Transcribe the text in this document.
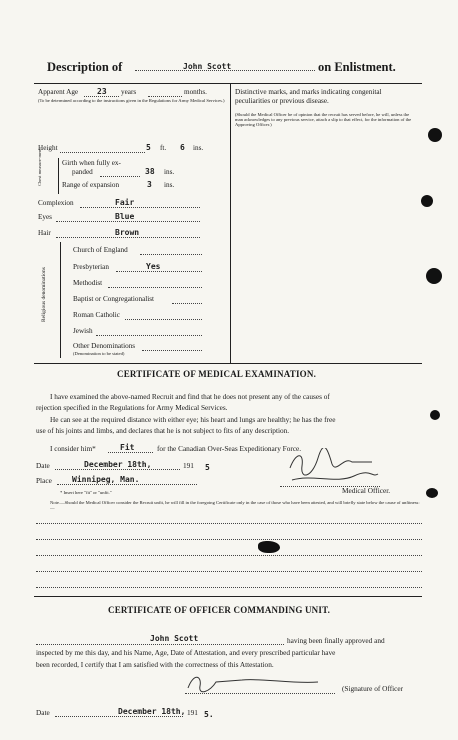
Description of	John Scott	on Enlistment.
Apparent Age 23 years	months.
(To be determined according to the instructions given in the Regulations for Army Medical Services.)
Height	5 ft. 6 ins.
Chest measure-ment	Girth when fully ex-
panded	38 ins.
Range of expansion	3 ins.
Complexion	Fair
Eyes	Blue
Hair	Brown
Religious denominations
Church of England
Presbyterian	Yes
Methodist
Baptist or Congregationalist
Roman Catholic
Jewish
Other Denominations
(Denomination to be stated)
Distinctive marks, and marks indicating congenital peculiarities or previous disease.
(Should the Medical Officer be of opinion that the recruit has served before, he will, unless the man acknowledges to any previous service, attach a slip to that effect, for the information of the Approving Officer.)
CERTIFICATE OF MEDICAL EXAMINATION.
I have examined the above-named Recruit and find that he does not present any of the causes of
rejection specified in the Regulations for Army Medical Services.
He can see at the required distance with either eye; his heart and lungs are healthy; he has the free
use of his joints and limbs, and declares that he is not subject to fits of any description.
I consider him*	Fit	for the Canadian Over-Seas Expeditionary Force.
Date	December 18th,	191 5
Place	Winnipeg, Man.
Medical Officer.
* Insert here "fit" or "unfit."
Note.—Should the Medical Officer consider the Recruit unfit, he will fill in the foregoing Certificate only in the case of those who have been attested, and will briefly state below the cause of unfitness:—
CERTIFICATE OF OFFICER COMMANDING UNIT.
John Scott	having been finally approved and
inspected by me this day, and his Name, Age, Date of Attestation, and every prescribed particular have
been recorded, I certify that I am satisfied with the correctness of this Attestation.
(Signature of Officer
Date	December 18th, 191 5.
